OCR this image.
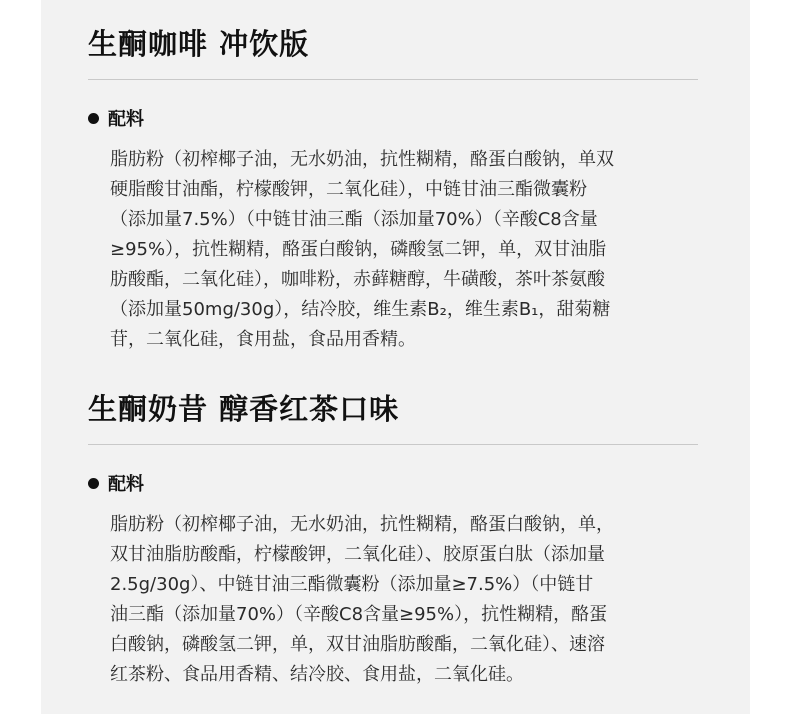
生酮咖啡 冲饮版
配料
脂肪粉（初榨椰子油，无水奶油，抗性糊精，酪蛋白酸钠，单双
硬脂酸甘油酯，柠檬酸钾，二氧化硅），中链甘油三酯微囊粉
（添加量7.5%）（中链甘油三酯（添加量70%）（辛酸C8含量
≥95%），抗性糊精，酪蛋白酸钠，磷酸氢二钾，单，双甘油脂
肪酸酯，二氧化硅），咖啡粉，赤藓糖醇，牛磺酸，茶叶茶氨酸
（添加量50mg/30g），结冷胶，维生素B₂，维生素B₁，甜菊糖
苷，二氧化硅，食用盐，食品用香精。
生酮奶昔 醇香红茶口味
配料
脂肪粉（初榨椰子油，无水奶油，抗性糊精，酪蛋白酸钠，单，
双甘油脂肪酸酯，柠檬酸钾，二氧化硅）、胶原蛋白肽（添加量
2.5g/30g）、中链甘油三酯微囊粉（添加量≥7.5%）（中链甘
油三酯（添加量70%）（辛酸C8含量≥95%），抗性糊精，酪蛋
白酸钠，磷酸氢二钾，单，双甘油脂肪酸酯，二氧化硅）、速溶
红茶粉、食品用香精、结冷胶、食用盐，二氧化硅。
